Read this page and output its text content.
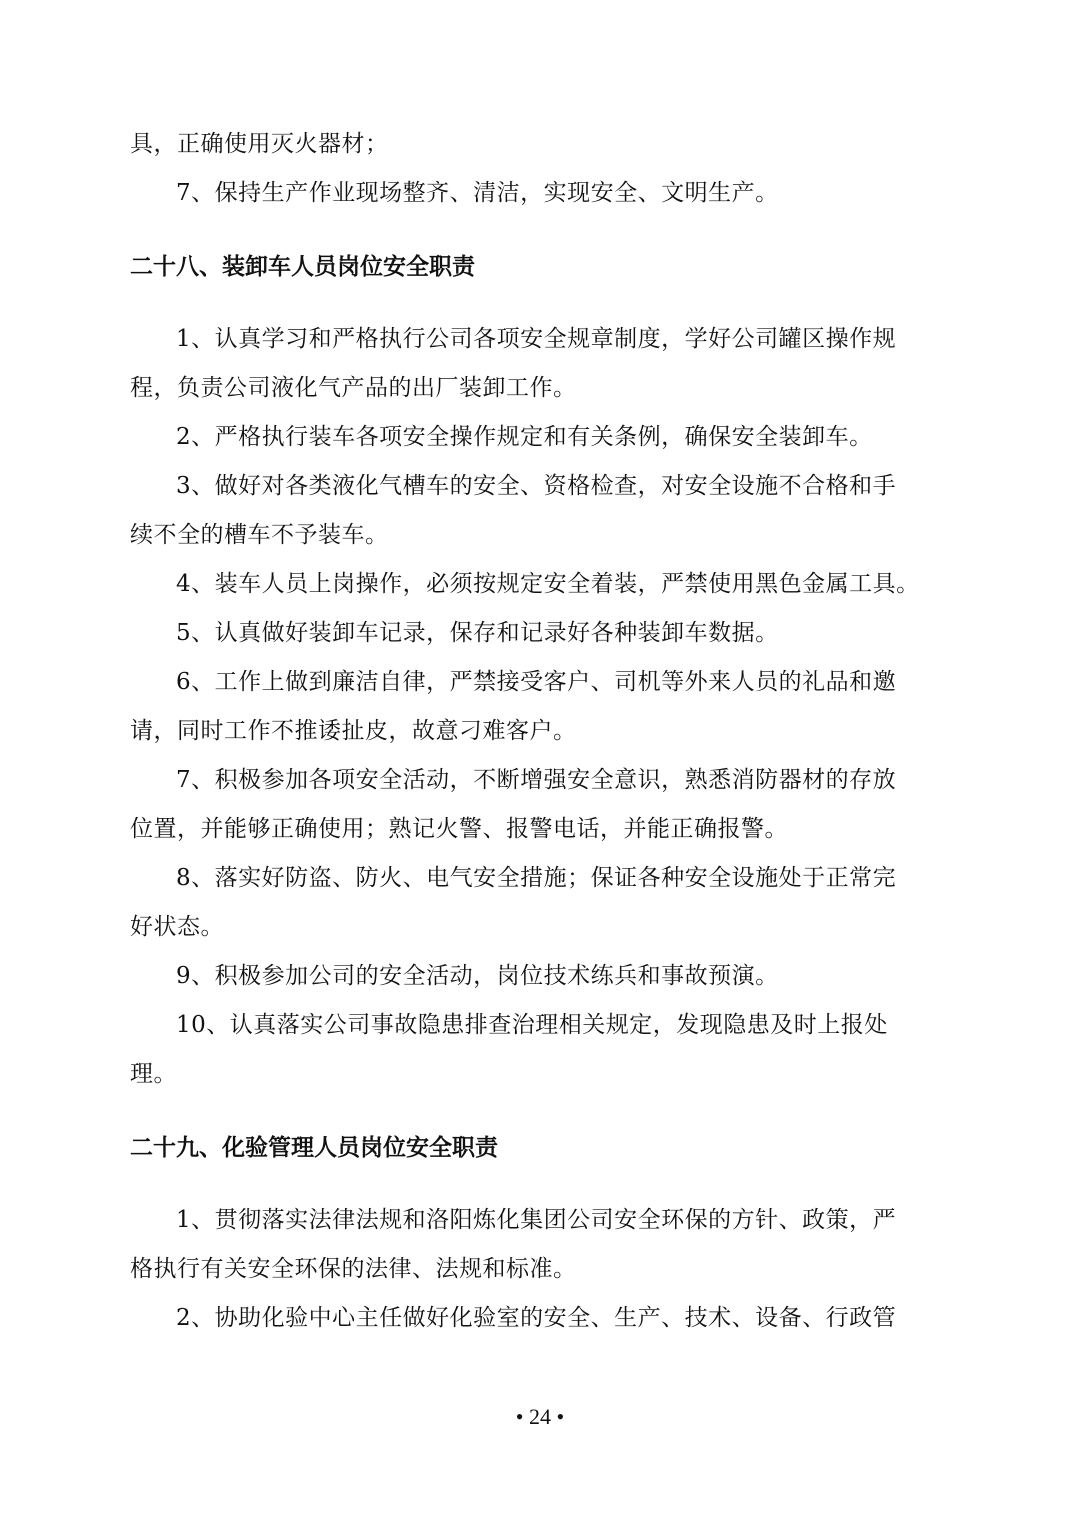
具，正确使用灭火器材；
7、保持生产作业现场整齐、清洁，实现安全、文明生产。
二十八、装卸车人员岗位安全职责
1、认真学习和严格执行公司各项安全规章制度，学好公司罐区操作规
程，负责公司液化气产品的出厂装卸工作。
2、严格执行装车各项安全操作规定和有关条例，确保安全装卸车。
3、做好对各类液化气槽车的安全、资格检查，对安全设施不合格和手
续不全的槽车不予装车。
4、装车人员上岗操作，必须按规定安全着装，严禁使用黑色金属工具。
5、认真做好装卸车记录，保存和记录好各种装卸车数据。
6、工作上做到廉洁自律，严禁接受客户、司机等外来人员的礼品和邀
请，同时工作不推诿扯皮，故意刁难客户。
7、积极参加各项安全活动，不断增强安全意识，熟悉消防器材的存放
位置，并能够正确使用；熟记火警、报警电话，并能正确报警。
8、落实好防盗、防火、电气安全措施；保证各种安全设施处于正常完
好状态。
9、积极参加公司的安全活动，岗位技术练兵和事故预演。
10、认真落实公司事故隐患排查治理相关规定，发现隐患及时上报处
理。
二十九、化验管理人员岗位安全职责
1、贯彻落实法律法规和洛阳炼化集团公司安全环保的方针、政策，严
格执行有关安全环保的法律、法规和标准。
2、协助化验中心主任做好化验室的安全、生产、技术、设备、行政管
• 24 •
